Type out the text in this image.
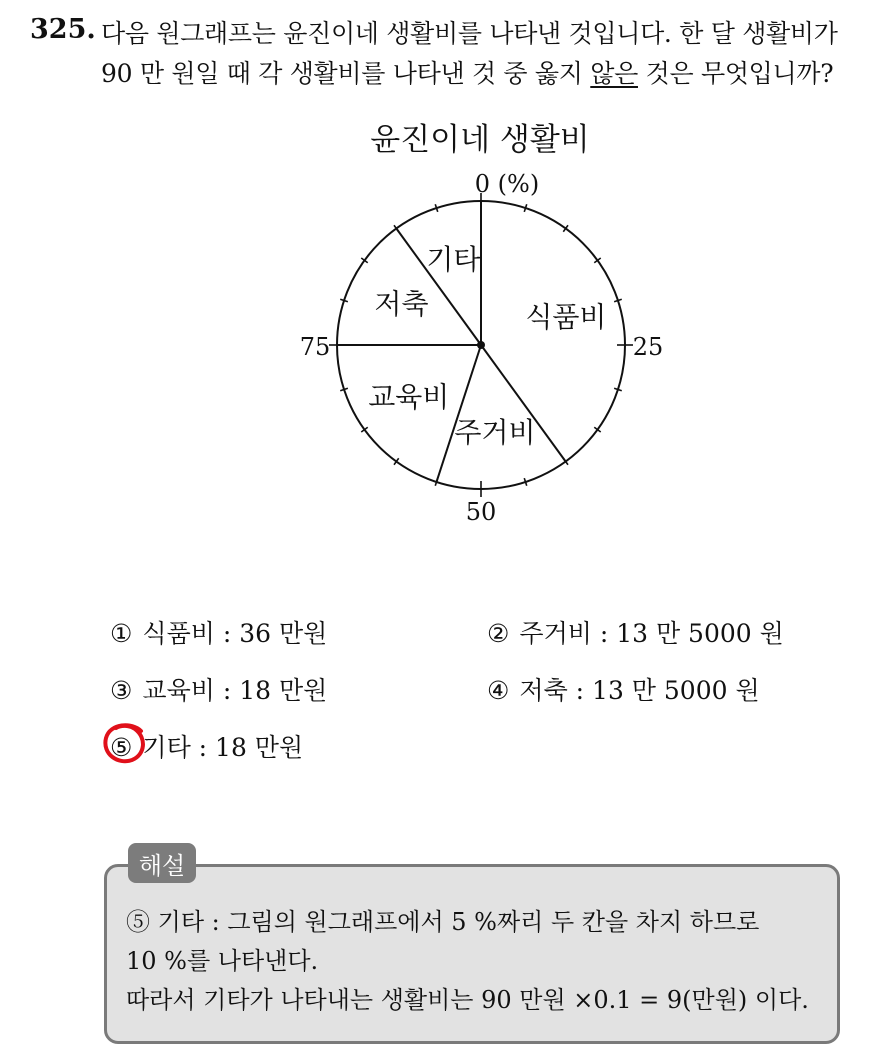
325. 다음 원그래프는 윤진이네 생활비를 나타낸 것입니다. 한 달 생활비가
90 만 원일 때 각 생활비를 나타낸 것 중 옳지 않은 것은 무엇입니까?
윤진이네 생활비
식품비
주거비
교육비
저축
기타
0 (%)
25
50
75
① 식품비 : 36 만원	② 주거비 : 13 만 5000 원
③ 교육비 : 18 만원	④ 저축 : 13 만 5000 원
⑤ 기타 : 18 만원
해설
⑤ 기타 : 그림의 원그래프에서 5 %짜리 두 칸을 차지 하므로
10 %를 나타낸다.
따라서 기타가 나타내는 생활비는 90 만원 ×0.1 = 9(만원) 이다.
